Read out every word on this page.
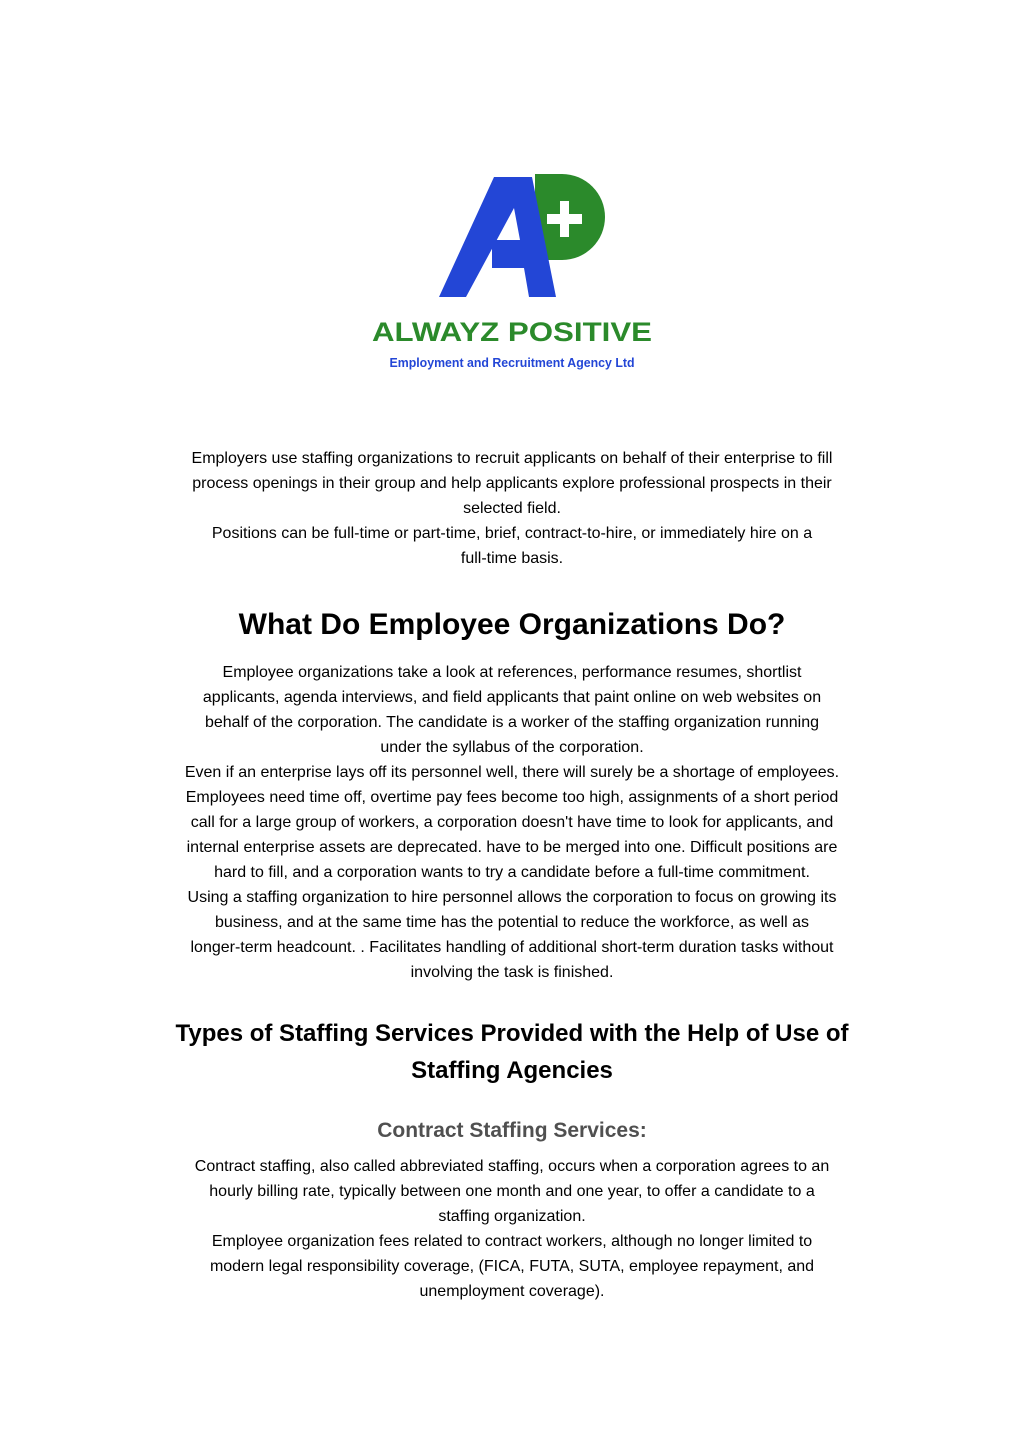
ALWAYZ POSITIVE
Employment and Recruitment Agency Ltd

Employers use staffing organizations to recruit applicants on behalf of their enterprise to fill

process openings in their group and help applicants explore professional prospects in their

selected field.

Positions can be full-time or part-time, brief, contract-to-hire, or immediately hire on a

full-time basis.

What Do Employee Organizations Do?

Employee organizations take a look at references, performance resumes, shortlist

applicants, agenda interviews, and field applicants that paint online on web websites on

behalf of the corporation. The candidate is a worker of the staffing organization running

under the syllabus of the corporation.

Even if an enterprise lays off its personnel well, there will surely be a shortage of employees.

Employees need time off, overtime pay fees become too high, assignments of a short period

call for a large group of workers, a corporation doesn't have time to look for applicants, and

internal enterprise assets are deprecated. have to be merged into one. Difficult positions are

hard to fill, and a corporation wants to try a candidate before a full-time commitment.

Using a staffing organization to hire personnel allows the corporation to focus on growing its

business, and at the same time has the potential to reduce the workforce, as well as

longer-term headcount. . Facilitates handling of additional short-term duration tasks without

involving the task is finished.

Types of Staffing Services Provided with the Help of Use of
Staffing Agencies
Contract Staffing Services:

Contract staffing, also called abbreviated staffing, occurs when a corporation agrees to an

hourly billing rate, typically between one month and one year, to offer a candidate to a

staffing organization.

Employee organization fees related to contract workers, although no longer limited to

modern legal responsibility coverage, (FICA, FUTA, SUTA, employee repayment, and

unemployment coverage).
